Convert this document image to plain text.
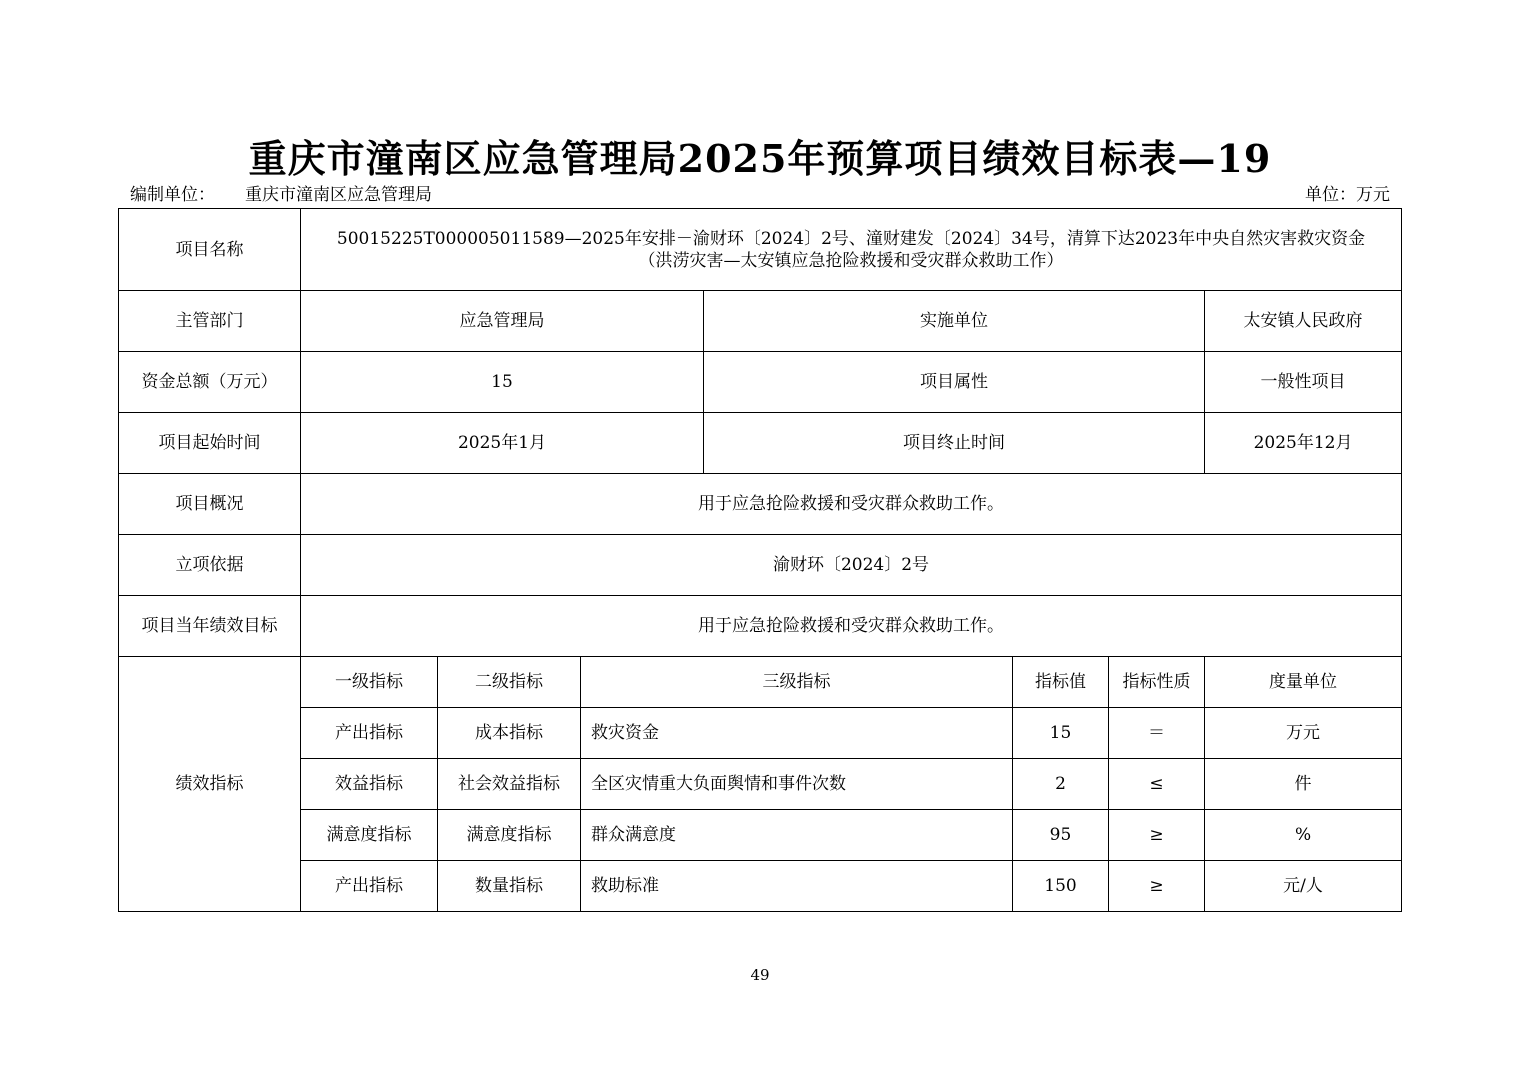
重庆市潼南区应急管理局2025年预算项目绩效目标表—19
编制单位： 重庆市潼南区应急管理局	单位：万元
项目名称	50015225T000005011589—2025年安排－渝财环〔2024〕2号、潼财建发〔2024〕34号，清算下达2023年中央自然灾害救灾资金
（洪涝灾害—太安镇应急抢险救援和受灾群众救助工作）						

主管部门	应急管理局			实施单位			太安镇人民政府
资金总额（万元）	15			项目属性			一般性项目
项目起始时间	2025年1月			项目终止时间			2025年12月
项目概况	用于应急抢险救援和受灾群众救助工作。						
立项依据	渝财环〔2024〕2号						
项目当年绩效目标	用于应急抢险救援和受灾群众救助工作。						
绩效指标	一级指标	二级指标	三级指标		指标值	指标性质	度量单位
	产出指标	成本指标	救灾资金		15	＝	万元
	效益指标	社会效益指标	全区灾情重大负面舆情和事件次数		2	≤	件
	满意度指标	满意度指标	群众满意度		95	≥	%
	产出指标	数量指标	救助标准		150	≥	元/人
49
